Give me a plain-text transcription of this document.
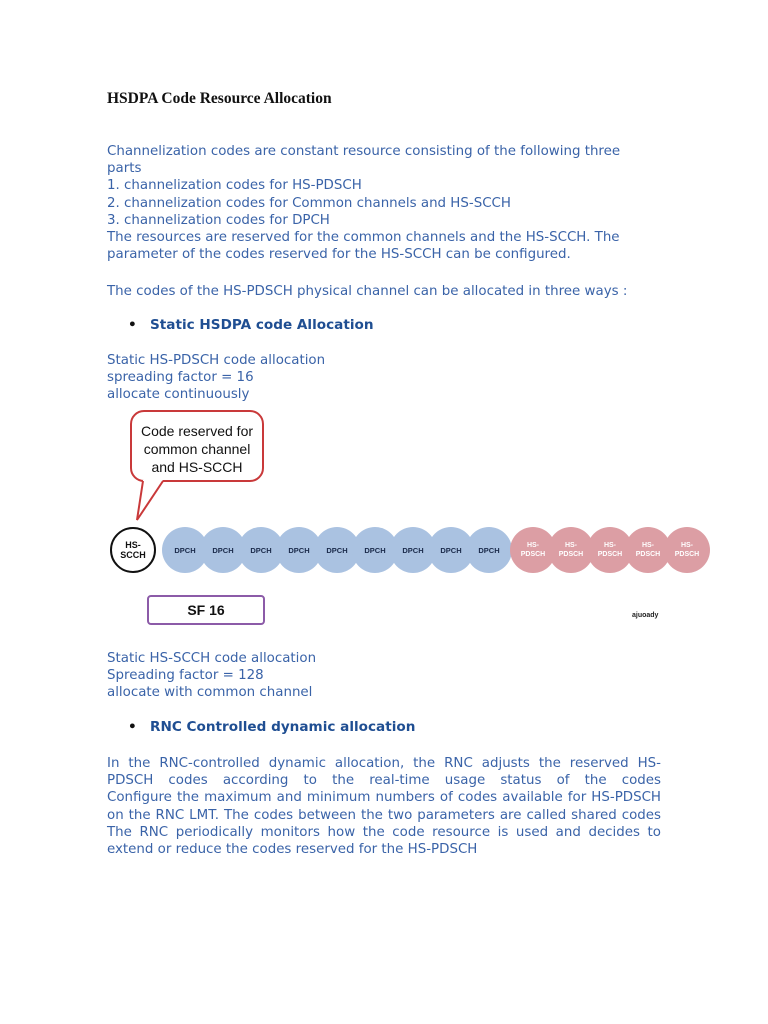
HSDPA Code Resource Allocation

Channelization codes are constant resource consisting of the following three

parts

1. channelization codes for HS-PDSCH

2. channelization codes for Common channels and HS-SCCH

3. channelization codes for DPCH

The resources are reserved for the common channels and the HS-SCCH. The

parameter of the codes reserved for the HS-SCCH can be configured.

The codes of the HS-PDSCH physical channel can be allocated in three ways :

• Static HSDPA code Allocation

Static HS-PDSCH code allocation

spreading factor = 16

allocate continuously

Code reserved for
common channel
and HS-SCCH
HS-
SCCH	DPCH	DPCH	DPCH	DPCH	DPCH	DPCH	DPCH	DPCH	DPCH	HS-
PDSCH
HS-
PDSCH
HS-
PDSCH
HS-
PDSCH
HS-
PDSCH
SF 16	ajuoady

Static HS-SCCH code allocation

Spreading factor = 128

allocate with common channel

• RNC Controlled dynamic allocation

In the RNC-controlled dynamic allocation, the RNC adjusts the reserved HS-

PDSCH codes according to the real-time usage status of the codes

Configure the maximum and minimum numbers of codes available for HS-PDSCH

on the RNC LMT. The codes between the two parameters are called shared codes

The RNC periodically monitors how the code resource is used and decides to

extend or reduce the codes reserved for the HS-PDSCH
